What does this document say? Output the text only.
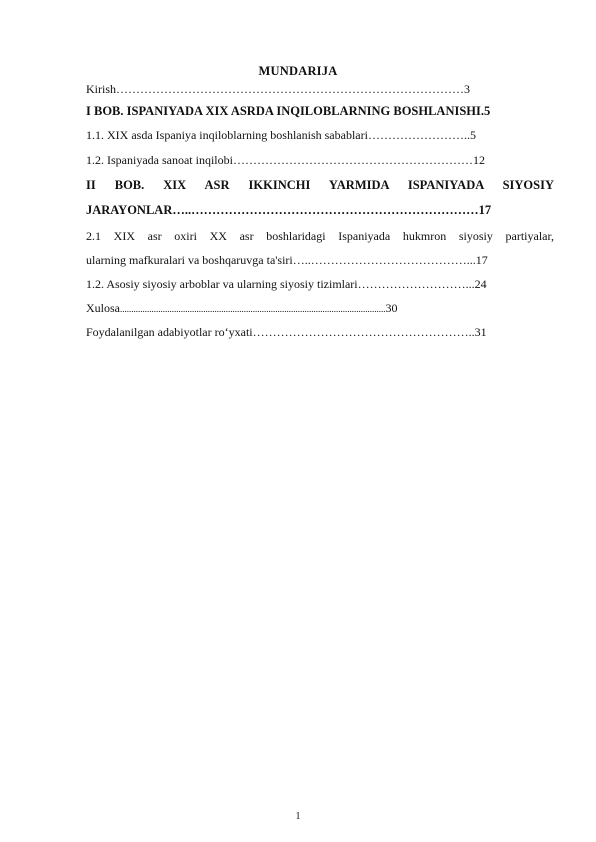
MUNDARIJA
Kirish……………………………………………………………………………3
I BOB. ISPANIYADA XIX ASRDA INQILOBLARNING BOSHLANISHI.5
1.1. XIX asda Ispaniya inqiloblarning boshlanish sabablari……………………..5
1.2. Ispaniyada sanoat inqilobi……………………………………………………12
II BOB. XIX ASR IKKINCHI YARMIDA ISPANIYADA SIYOSIY
JARAYONLAR…..……………………………………………………………17
2.1 XIX asr oxiri XX asr boshlaridagi Ispaniyada hukmron siyosiy partiyalar,
ularning mafkuralari va boshqaruvga ta'siri…..…………………………………...17
1.2. Asosiy siyosiy arboblar va ularning siyosiy tizimlari………………………...24
Xulosa......................................................................................................................30
Foydalanilgan adabiyotlar ro‘yxati………………………………………………..31
1
